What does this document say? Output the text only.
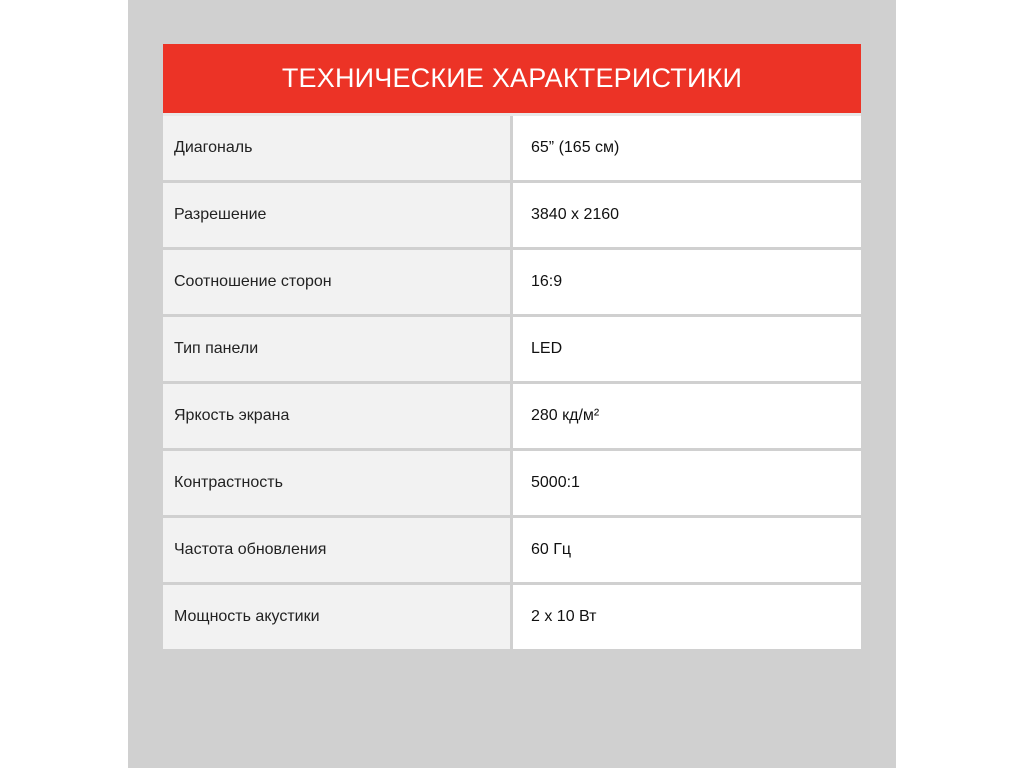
ТЕХНИЧЕСКИЕ ХАРАКТЕРИСТИКИ
Диагональ	65” (165 см)
Разрешение	3840 x 2160
Соотношение сторон	16:9
Тип панели	LED
Яркость экрана	280 кд/м²
Контрастность	5000:1
Частота обновления	60 Гц
Мощность акустики	2 x 10 Вт
